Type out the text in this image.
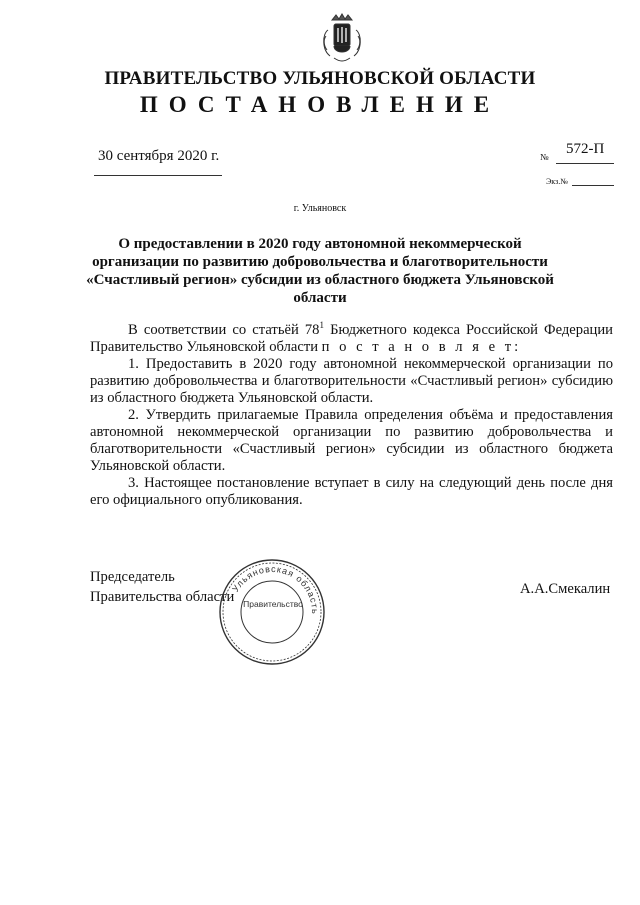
ПРАВИТЕЛЬСТВО УЛЬЯНОВСКОЙ ОБЛАСТИ
ПОСТАНОВЛЕНИЕ
30 сентября 2020 г.	№ 572-П
Экз.№
г. Ульяновск
О предоставлении в 2020 году автономной некоммерческой организации по развитию добровольчества и благотворительности «Счастливый регион» субсидии из областного бюджета Ульяновской области

В соответствии со статьёй $78^1$ Бюджетного кодекса Российской Федерации Правительство Ульяновской области п о с т а н о в л я е т:

1. Предоставить в 2020 году автономной некоммерческой организации по развитию добровольчества и благотворительности «Счастливый регион» субсидию из областного бюджета Ульяновской области.

2. Утвердить прилагаемые Правила определения объёма и предоставления автономной некоммерческой организации по развитию добровольчества и благотворительности «Счастливый регион» субсидии из областного бюджета Ульяновской области.

3. Настоящее постановление вступает в силу на следующий день после дня его официального опубликования.

Председатель
Правительства области	А.А.Смекалин
Ульяновская область
Правительство
